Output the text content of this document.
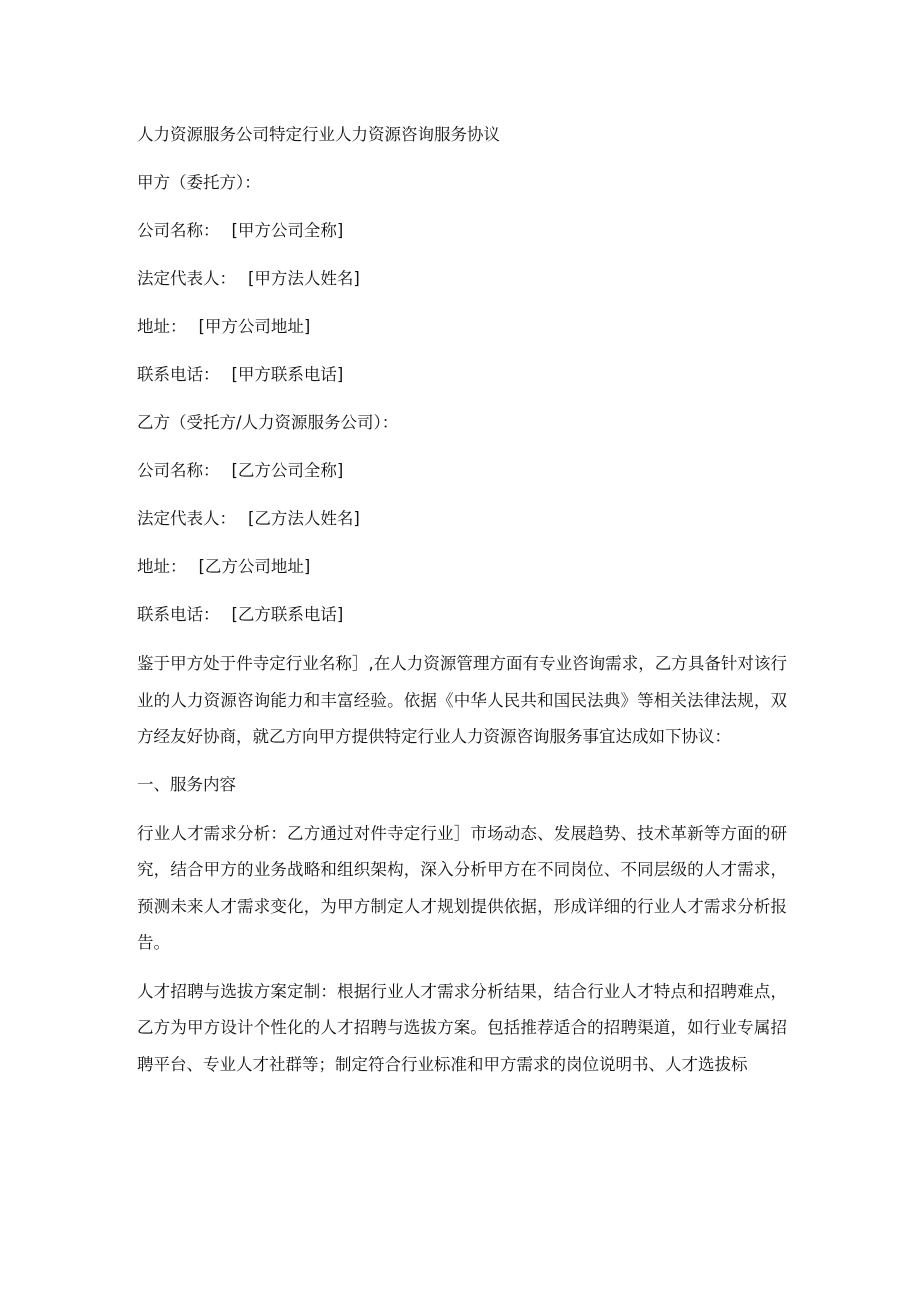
人力资源服务公司特定行业人力资源咨询服务协议

甲方（委托方）：

公司名称： [甲方公司全称]

法定代表人： [甲方法人姓名]

地址： [甲方公司地址]

联系电话： [甲方联系电话]

乙方（受托方/人力资源服务公司）：

公司名称： [乙方公司全称]

法定代表人： [乙方法人姓名]

地址： [乙方公司地址]

联系电话： [乙方联系电话]

鉴于甲方处于件寺定行业名称］,在人力资源管理方面有专业咨询需求，乙方具备针对该行业的人力资源咨询能力和丰富经验。依据《中华人民共和国民法典》等相关法律法规，双方经友好协商，就乙方向甲方提供特定行业人力资源咨询服务事宜达成如下协议：

一、服务内容

行业人才需求分析：乙方通过对件寺定行业］市场动态、发展趋势、技术革新等方面的研究，结合甲方的业务战略和组织架构，深入分析甲方在不同岗位、不同层级的人才需求，预测未来人才需求变化，为甲方制定人才规划提供依据，形成详细的行业人才需求分析报告。

人才招聘与选拔方案定制：根据行业人才需求分析结果，结合行业人才特点和招聘难点，乙方为甲方设计个性化的人才招聘与选拔方案。包括推荐适合的招聘渠道，如行业专属招聘平台、专业人才社群等；制定符合行业标准和甲方需求的岗位说明书、人才选拔标
